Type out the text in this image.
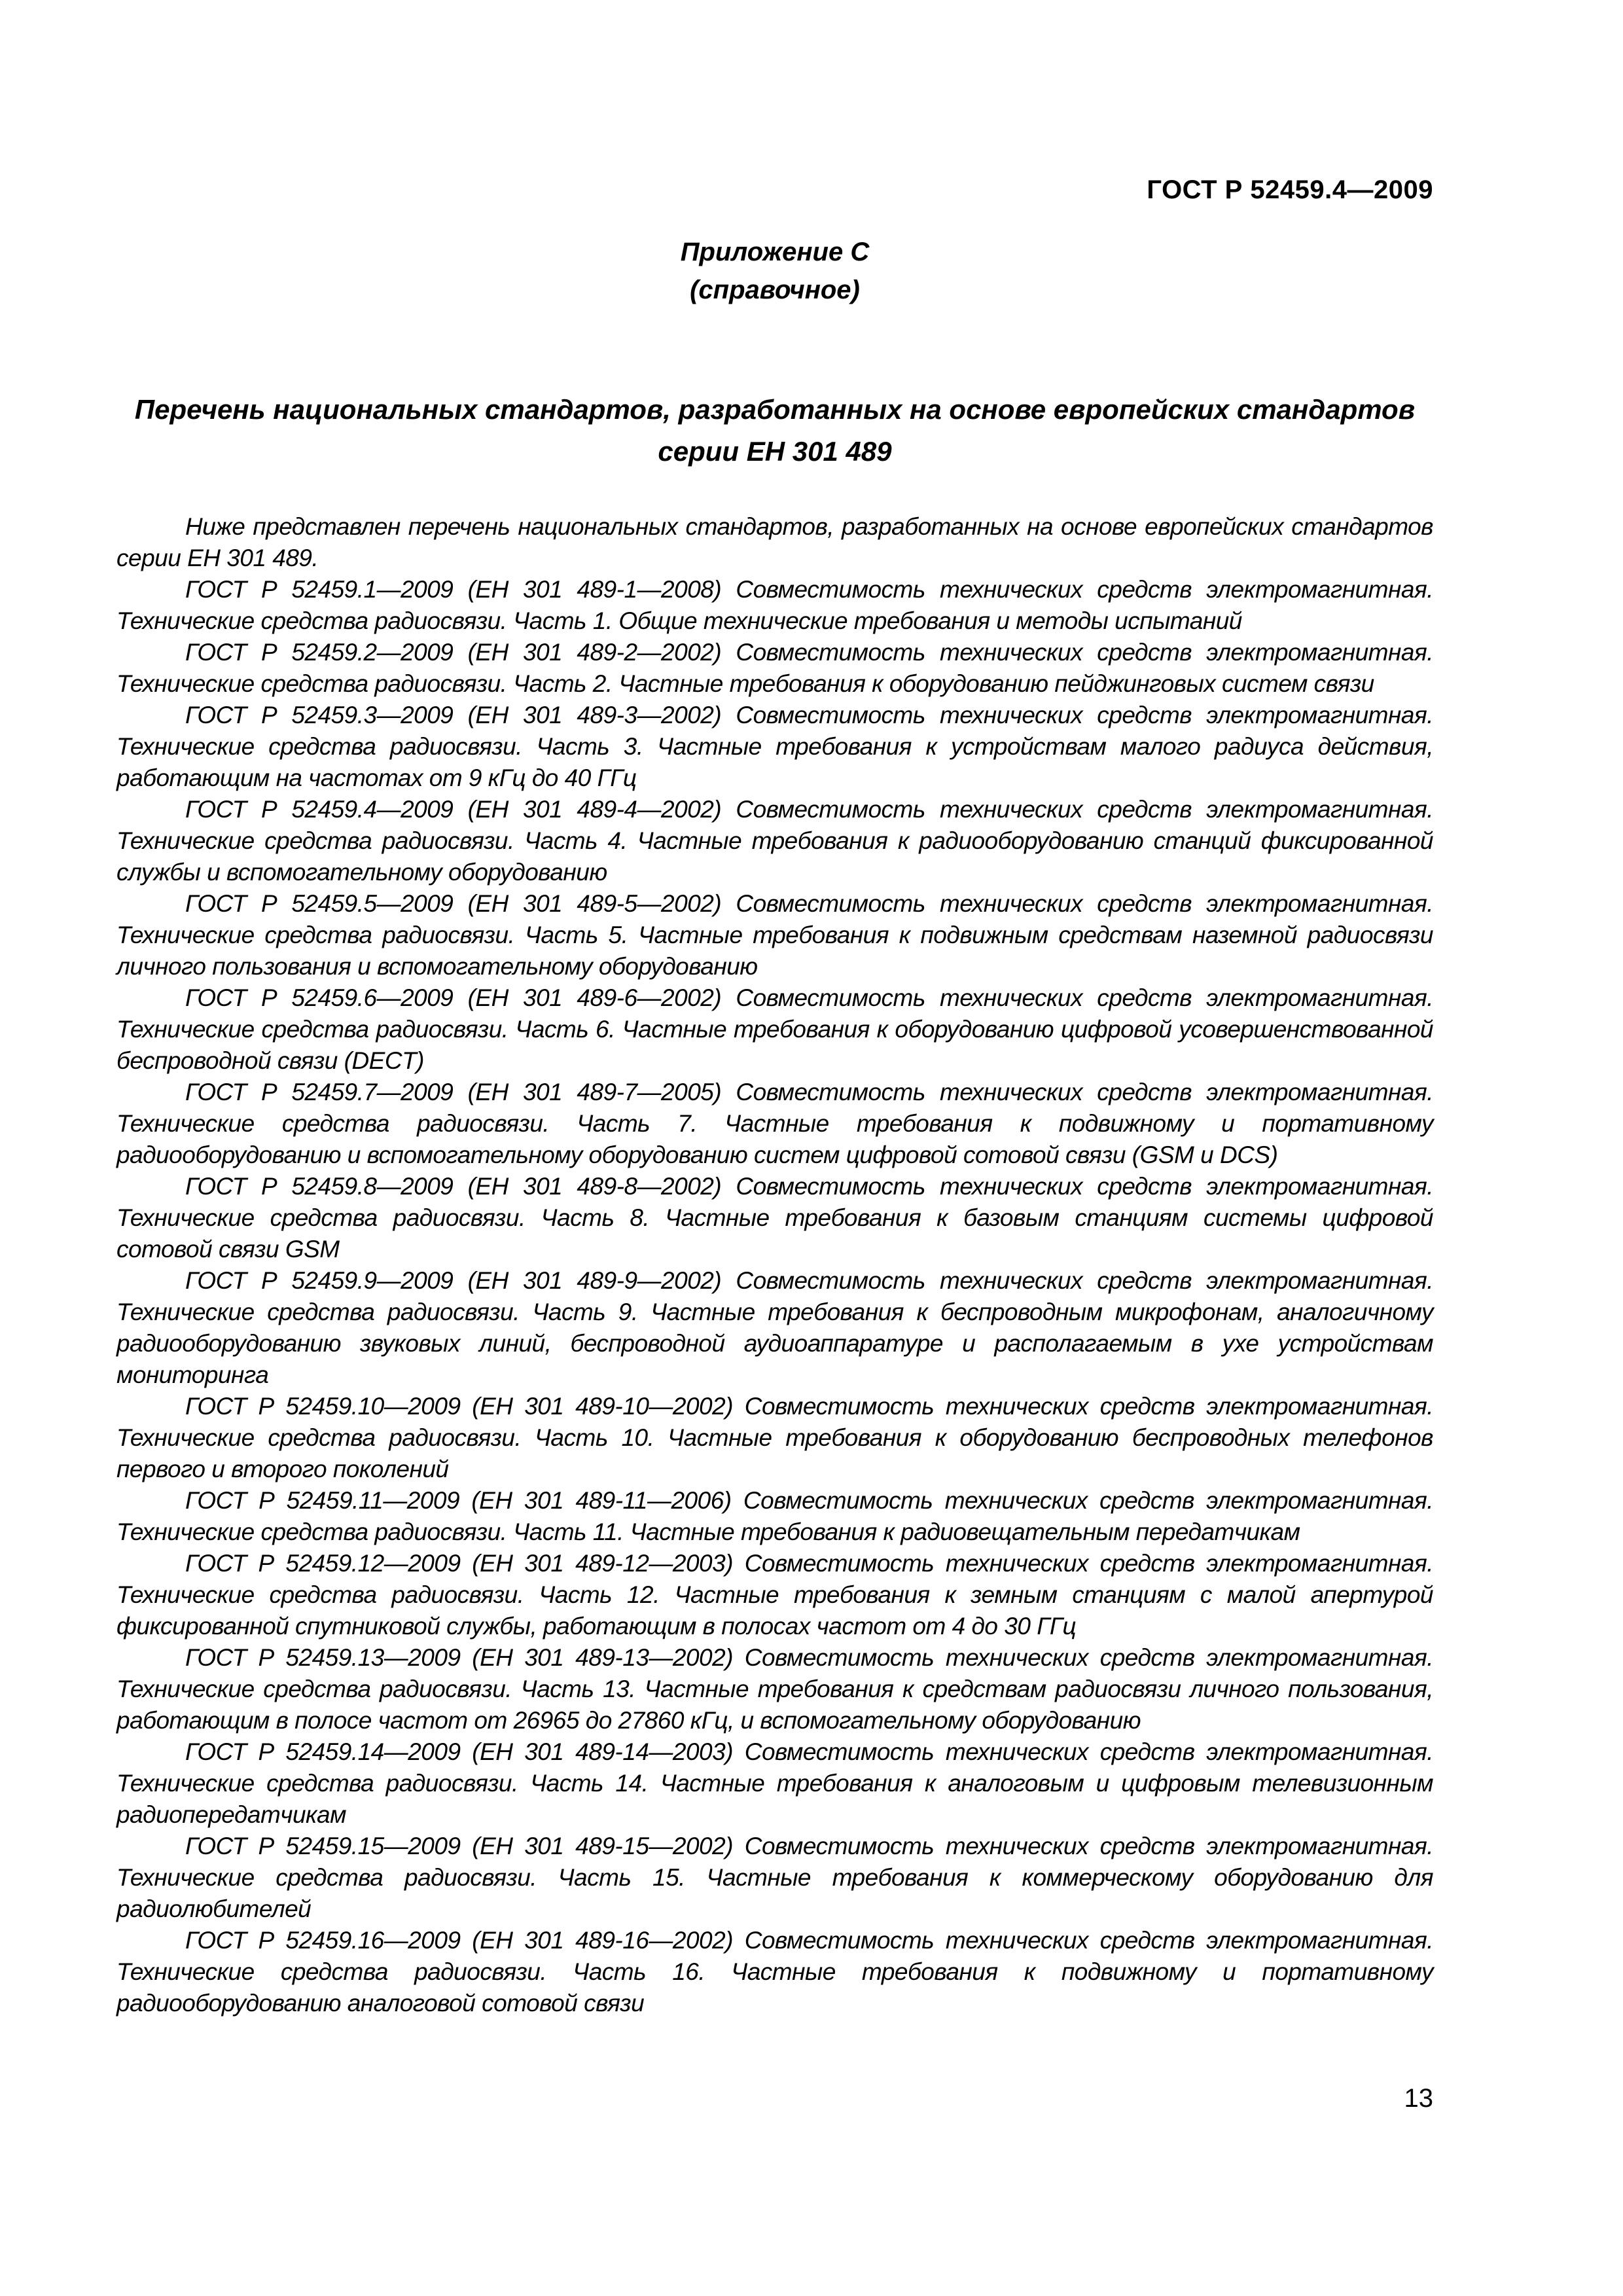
ГОСТ Р 52459.4—2009
Приложение С
(справочное)
Перечень национальных стандартов, разработанных на основе европейских стандартов
серии ЕН 301 489

Ниже представлен перечень национальных стандартов, разработанных на основе европейских стандартов серии ЕН 301 489.

ГОСТ Р 52459.1—2009 (ЕН 301 489-1—2008) Совместимость технических средств электромагнитная. Технические средства радиосвязи. Часть 1. Общие технические требования и методы испытаний

ГОСТ Р 52459.2—2009 (ЕН 301 489-2—2002) Совместимость технических средств электромагнитная. Технические средства радиосвязи. Часть 2. Частные требования к оборудованию пейджинговых систем связи

ГОСТ Р 52459.3—2009 (ЕН 301 489-3—2002) Совместимость технических средств электромагнитная. Технические средства радиосвязи. Часть 3. Частные требования к устройствам малого радиуса действия, работающим на частотах от 9 кГц до 40 ГГц

ГОСТ Р 52459.4—2009 (ЕН 301 489-4—2002) Совместимость технических средств электромагнитная. Технические средства радиосвязи. Часть 4. Частные требования к радиооборудованию станций фиксированной службы и вспомогательному оборудованию

ГОСТ Р 52459.5—2009 (ЕН 301 489-5—2002) Совместимость технических средств электромагнитная. Технические средства радиосвязи. Часть 5. Частные требования к подвижным средствам наземной радиосвязи личного пользования и вспомогательному оборудованию

ГОСТ Р 52459.6—2009 (ЕН 301 489-6—2002) Совместимость технических средств электромагнитная. Технические средства радиосвязи. Часть 6. Частные требования к оборудованию цифровой усовершенствованной беспроводной связи (DECT)

ГОСТ Р 52459.7—2009 (ЕН 301 489-7—2005) Совместимость технических средств электромагнитная. Технические средства радиосвязи. Часть 7. Частные требования к подвижному и портативному радиооборудованию и вспомогательному оборудованию систем цифровой сотовой связи (GSM и DCS)

ГОСТ Р 52459.8—2009 (ЕН 301 489-8—2002) Совместимость технических средств электромагнитная. Технические средства радиосвязи. Часть 8. Частные требования к базовым станциям системы цифровой сотовой связи GSM

ГОСТ Р 52459.9—2009 (ЕН 301 489-9—2002) Совместимость технических средств электромагнитная. Технические средства радиосвязи. Часть 9. Частные требования к беспроводным микрофонам, аналогичному радиооборудованию звуковых линий, беспроводной аудиоаппаратуре и располагаемым в ухе устройствам мониторинга

ГОСТ Р 52459.10—2009 (ЕН 301 489-10—2002) Совместимость технических средств электромагнитная. Технические средства радиосвязи. Часть 10. Частные требования к оборудованию беспроводных телефонов первого и второго поколений

ГОСТ Р 52459.11—2009 (ЕН 301 489-11—2006) Совместимость технических средств электромагнитная. Технические средства радиосвязи. Часть 11. Частные требования к радиовещательным передатчикам

ГОСТ Р 52459.12—2009 (ЕН 301 489-12—2003) Совместимость технических средств электромагнитная. Технические средства радиосвязи. Часть 12. Частные требования к земным станциям с малой апертурой фиксированной спутниковой службы, работающим в полосах частот от 4 до 30 ГГц

ГОСТ Р 52459.13—2009 (ЕН 301 489-13—2002) Совместимость технических средств электромагнитная. Технические средства радиосвязи. Часть 13. Частные требования к средствам радиосвязи личного пользования, работающим в полосе частот от 26965 до 27860 кГц, и вспомогательному оборудованию

ГОСТ Р 52459.14—2009 (ЕН 301 489-14—2003) Совместимость технических средств электромагнитная. Технические средства радиосвязи. Часть 14. Частные требования к аналоговым и цифровым телевизионным радиопередатчикам

ГОСТ Р 52459.15—2009 (ЕН 301 489-15—2002) Совместимость технических средств электромагнитная. Технические средства радиосвязи. Часть 15. Частные требования к коммерческому оборудованию для радиолюбителей

ГОСТ Р 52459.16—2009 (ЕН 301 489-16—2002) Совместимость технических средств электромагнитная. Технические средства радиосвязи. Часть 16. Частные требования к подвижному и портативному радиооборудованию аналоговой сотовой связи

13
